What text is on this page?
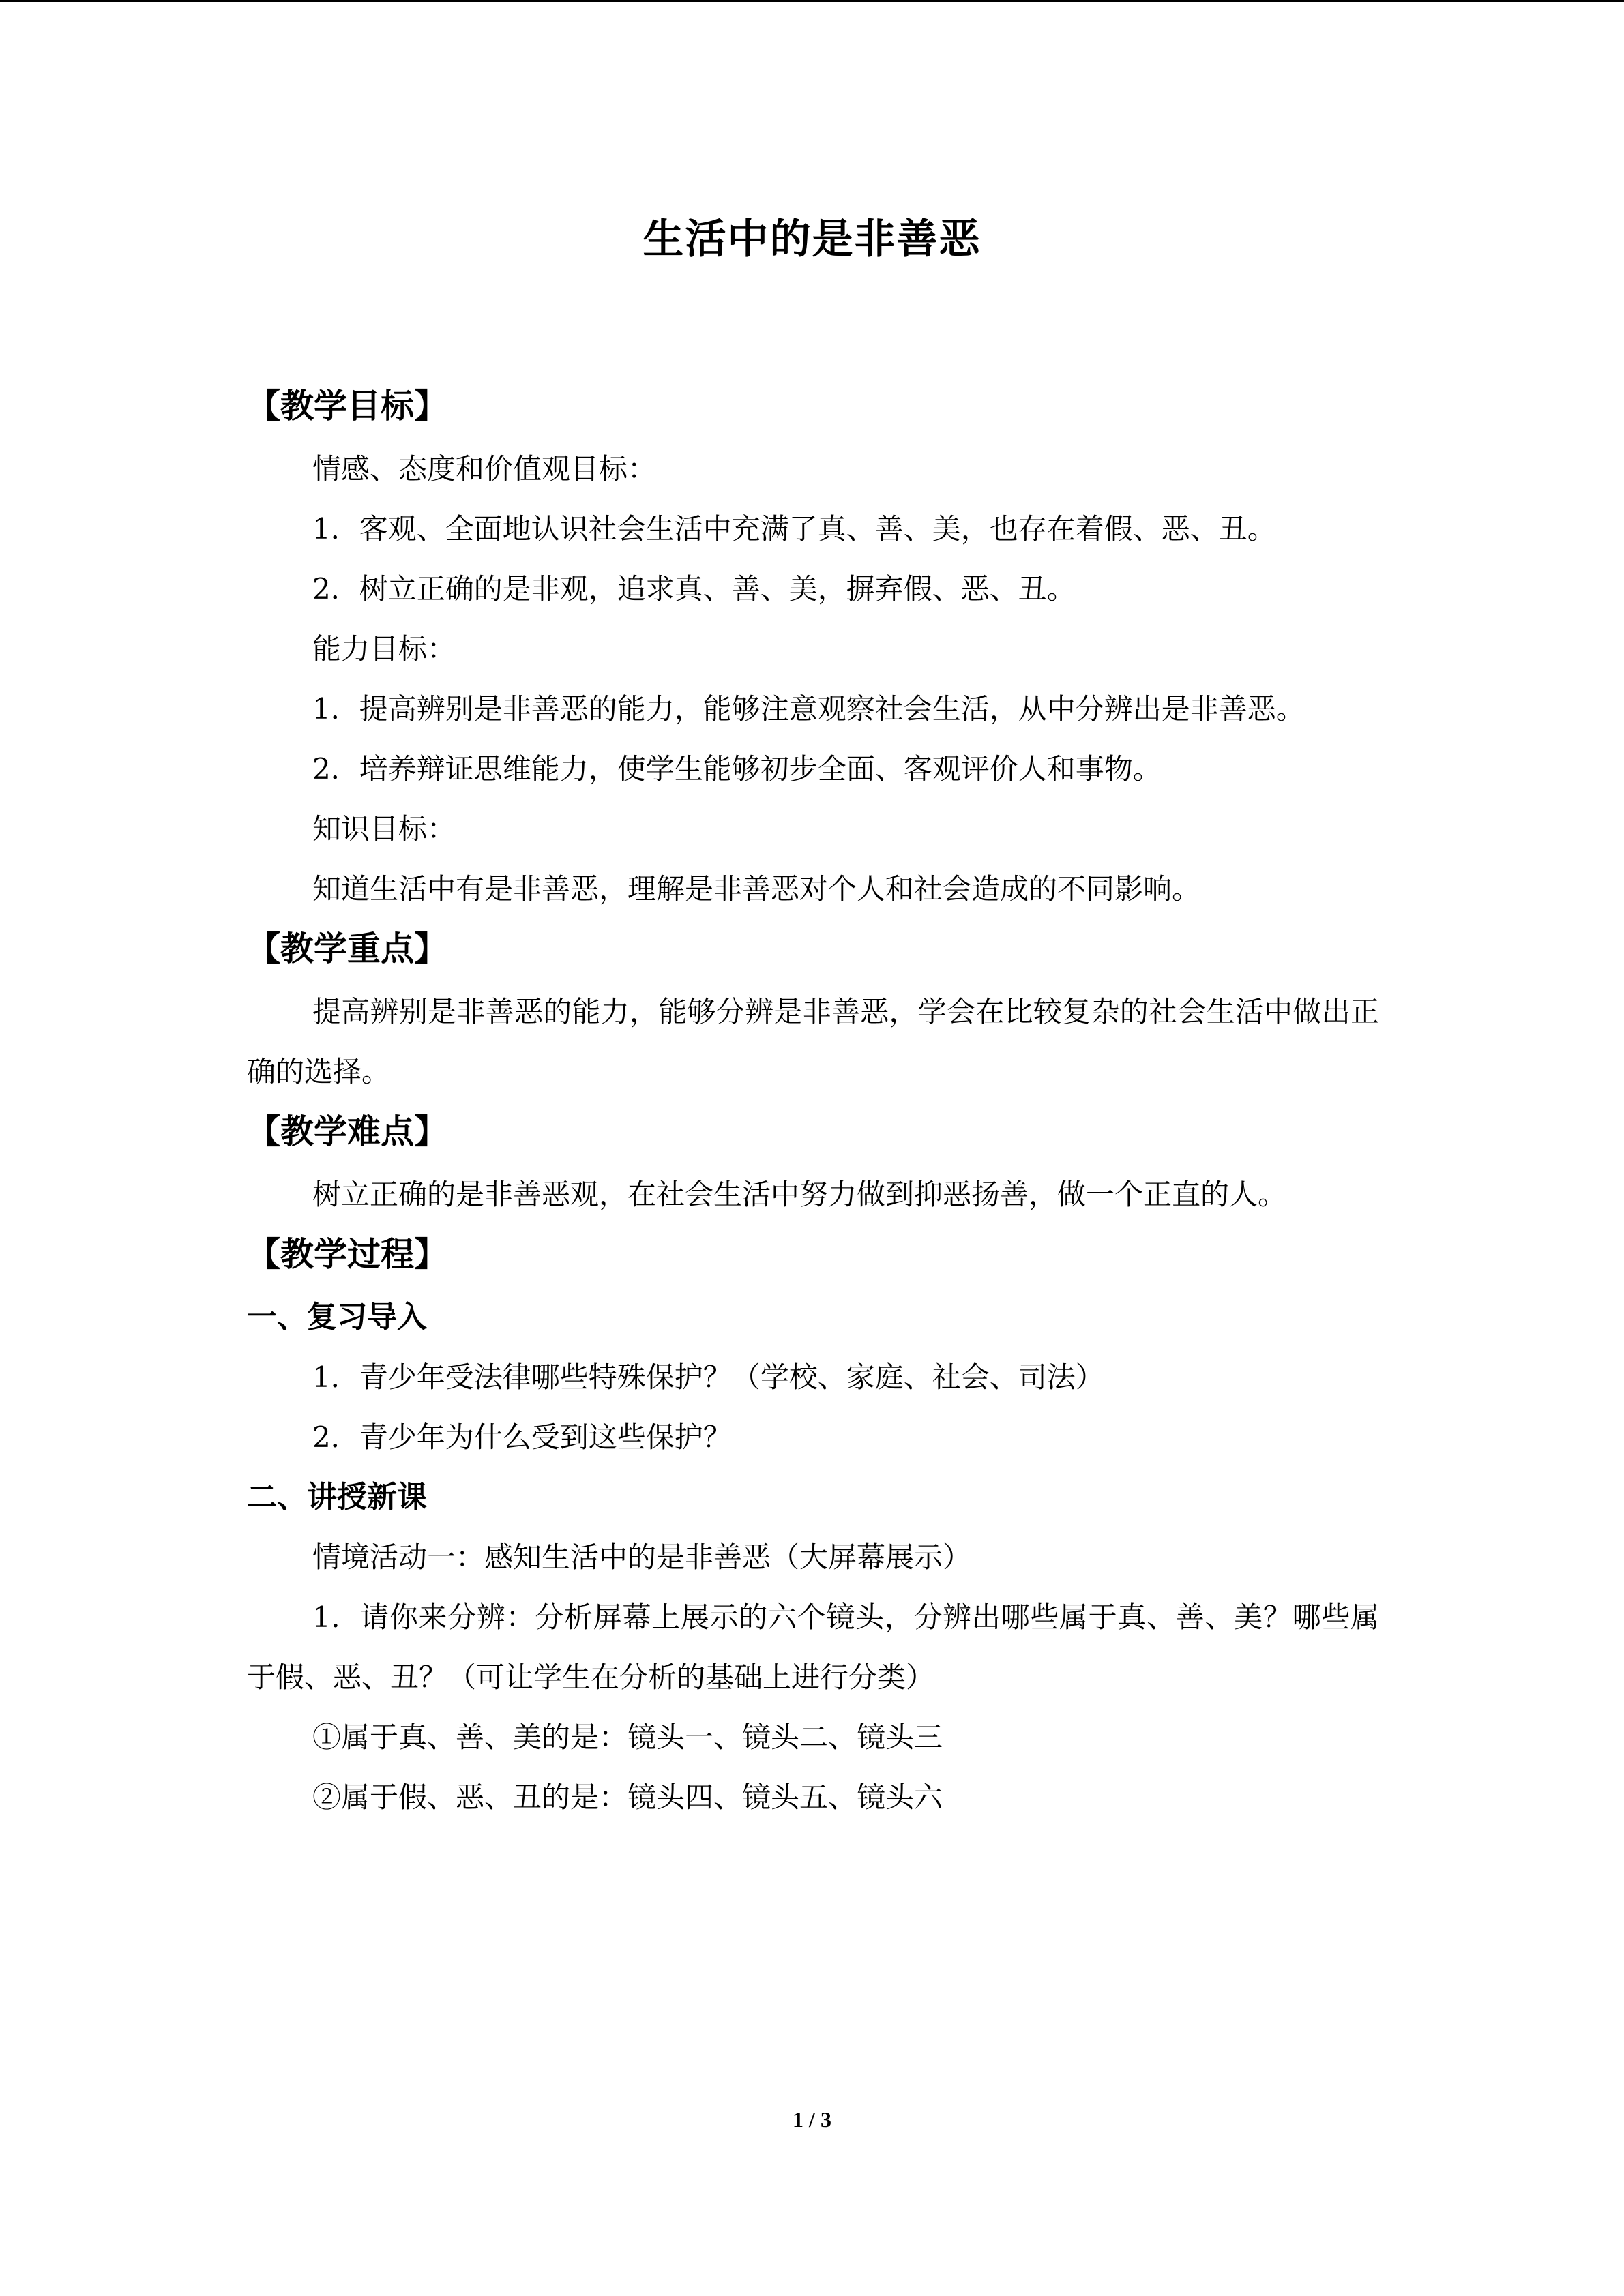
生活中的是非善恶
【教学目标】

情感、态度和价值观目标：

1．客观、全面地认识社会生活中充满了真、善、美，也存在着假、恶、丑。

2．树立正确的是非观，追求真、善、美，摒弃假、恶、丑。

能力目标：

1．提高辨别是非善恶的能力，能够注意观察社会生活，从中分辨出是非善恶。

2．培养辩证思维能力，使学生能够初步全面、客观评价人和事物。

知识目标：

知道生活中有是非善恶，理解是非善恶对个人和社会造成的不同影响。

【教学重点】

提高辨别是非善恶的能力，能够分辨是非善恶，学会在比较复杂的社会生活中做出正确的选择。

【教学难点】

树立正确的是非善恶观，在社会生活中努力做到抑恶扬善，做一个正直的人。

【教学过程】
一、复习导入

1．青少年受法律哪些特殊保护？（学校、家庭、社会、司法）

2．青少年为什么受到这些保护？

二、讲授新课

情境活动一：感知生活中的是非善恶（大屏幕展示）

1．请你来分辨：分析屏幕上展示的六个镜头，分辨出哪些属于真、善、美？哪些属于假、恶、丑？（可让学生在分析的基础上进行分类）

①属于真、善、美的是：镜头一、镜头二、镜头三

②属于假、恶、丑的是：镜头四、镜头五、镜头六

1 / 3
